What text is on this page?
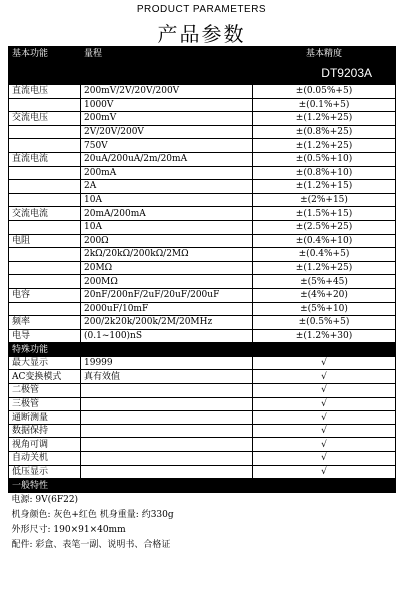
PRODUCT PARAMETERS
产品参数
基本功能	量程	基本精度

		DT9203A

直流电压	200mV/2V/20V/200V	±(0.05%+5)
	1000V	±(0.1%+5)
交流电压	200mV	±(1.2%+25)
	2V/20V/200V	±(0.8%+25)
	750V	±(1.2%+25)
直流电流	20uA/200uA/2m/20mA	±(0.5%+10)
	200mA	±(0.8%+10)
	2A	±(1.2%+15)
	10A	±(2%+15)
交流电流	20mA/200mA	±(1.5%+15)
	10A	±(2.5%+25)
电阻	200Ω	±(0.4%+10)
	2kΩ/20kΩ/200kΩ/2MΩ	±(0.4%+5)
	20MΩ	±(1.2%+25)
	200MΩ	±(5%+45)
电容	20nF/200nF/2uF/20uF/200uF	±(4%+20)
	2000uF/10mF	±(5%+10)
频率	200/2k20k/200k/2M/20MHz	±(0.5%+5)
电导	(0.1~100)nS	±(1.2%+30)
特殊功能		
最大显示	19999	√
AC变换模式	真有效值	√
二极管		√
三极管		√
通断测量		√
数据保持		√
视角可调		√
自动关机		√
低压显示		√
一般特性		
电源: 9V(6F22)		
机身颜色: 灰色+红色 机身重量: 约330g		
外形尺寸: 190×91×40mm		
配件: 彩盒、表笔一副、说明书、合格证		
